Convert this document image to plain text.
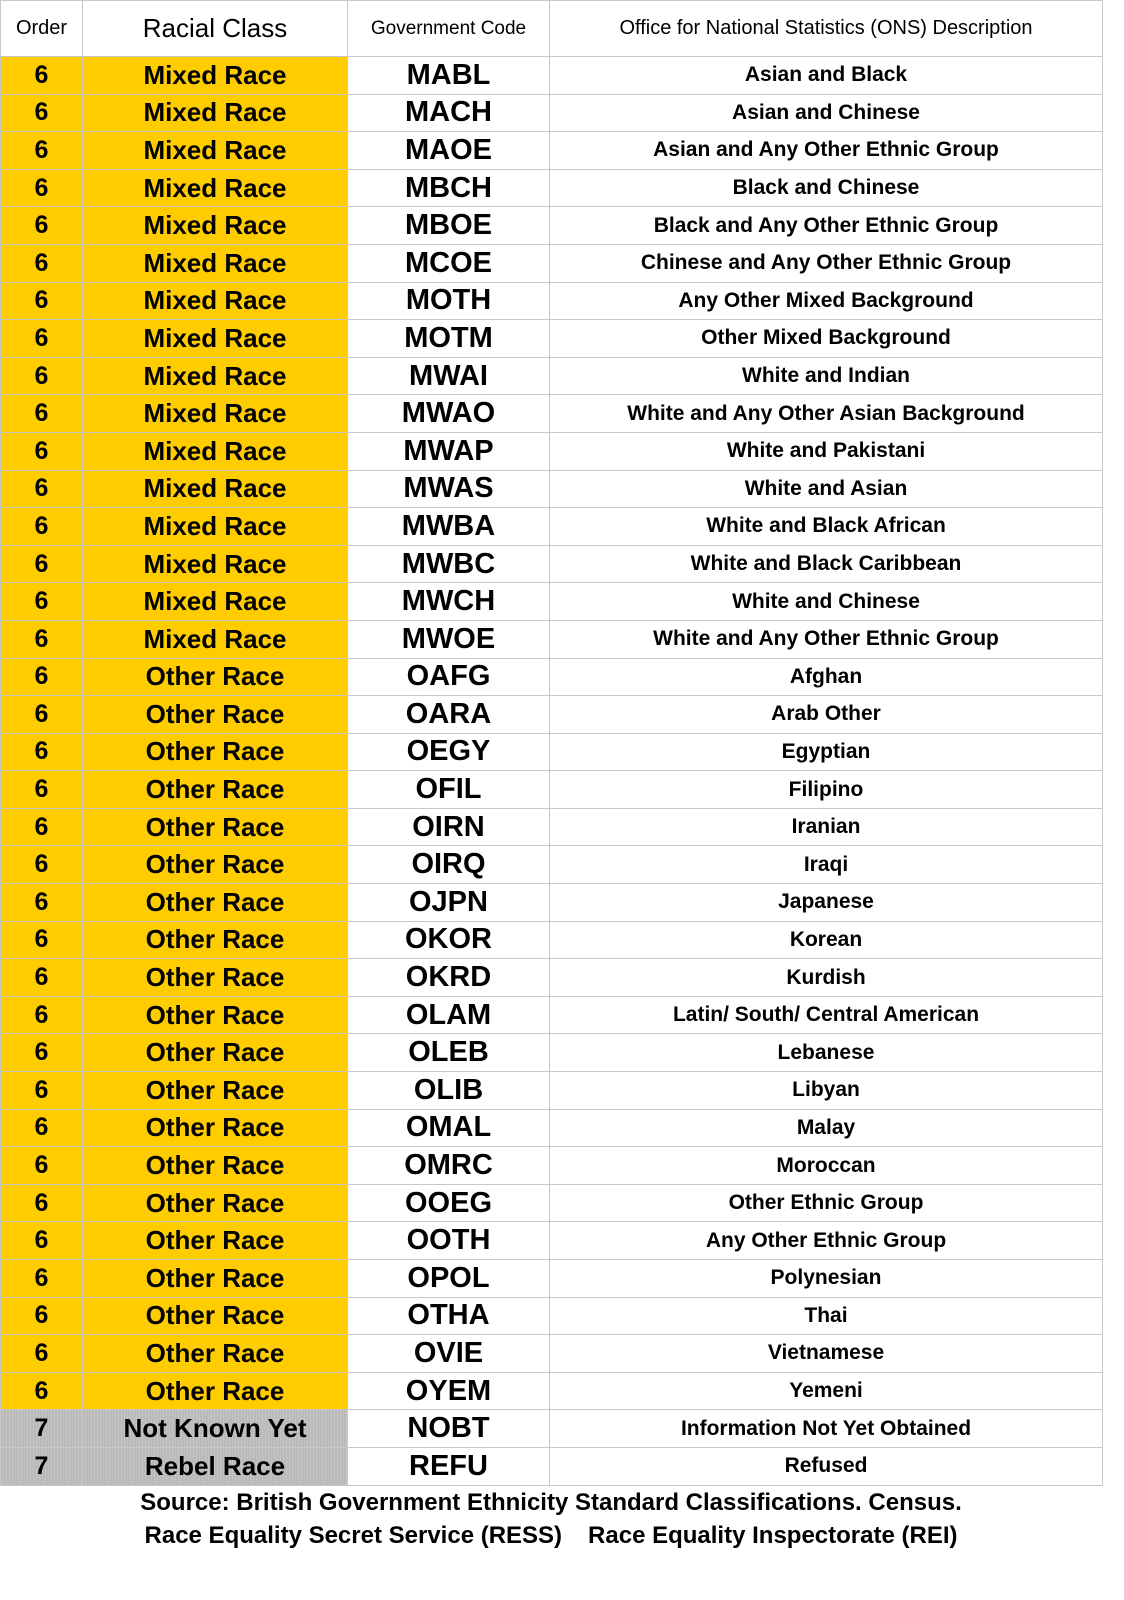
Order	Racial Class	Government Code	Office for National Statistics (ONS) Description
6	Mixed Race	MABL	Asian and Black
6	Mixed Race	MACH	Asian and Chinese
6	Mixed Race	MAOE	Asian and Any Other Ethnic Group
6	Mixed Race	MBCH	Black and Chinese
6	Mixed Race	MBOE	Black and Any Other Ethnic Group
6	Mixed Race	MCOE	Chinese and Any Other Ethnic Group
6	Mixed Race	MOTH	Any Other Mixed Background
6	Mixed Race	MOTM	Other Mixed Background
6	Mixed Race	MWAI	White and Indian
6	Mixed Race	MWAO	White and Any Other Asian Background
6	Mixed Race	MWAP	White and Pakistani
6	Mixed Race	MWAS	White and Asian
6	Mixed Race	MWBA	White and Black African
6	Mixed Race	MWBC	White and Black Caribbean
6	Mixed Race	MWCH	White and Chinese
6	Mixed Race	MWOE	White and Any Other Ethnic Group
6	Other Race	OAFG	Afghan
6	Other Race	OARA	Arab Other
6	Other Race	OEGY	Egyptian
6	Other Race	OFIL	Filipino
6	Other Race	OIRN	Iranian
6	Other Race	OIRQ	Iraqi
6	Other Race	OJPN	Japanese
6	Other Race	OKOR	Korean
6	Other Race	OKRD	Kurdish
6	Other Race	OLAM	Latin/ South/ Central American
6	Other Race	OLEB	Lebanese
6	Other Race	OLIB	Libyan
6	Other Race	OMAL	Malay
6	Other Race	OMRC	Moroccan
6	Other Race	OOEG	Other Ethnic Group
6	Other Race	OOTH	Any Other Ethnic Group
6	Other Race	OPOL	Polynesian
6	Other Race	OTHA	Thai
6	Other Race	OVIE	Vietnamese
6	Other Race	OYEM	Yemeni
7	Not Known Yet	NOBT	Information Not Yet Obtained
7	Rebel Race	REFU	Refused
Source: British Government Ethnicity Standard Classifications. Census.
Race Equality Secret Service (RESS) Race Equality Inspectorate (REI)
